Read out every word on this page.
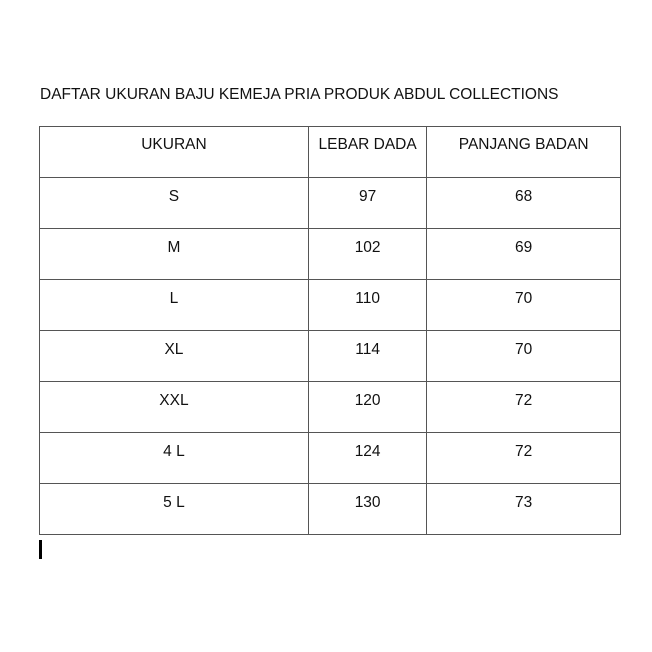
DAFTAR UKURAN BAJU KEMEJA PRIA PRODUK ABDUL COLLECTIONS
UKURAN	LEBAR DADA	PANJANG BADAN
S	97	68
M	102	69
L	110	70
XL	114	70
XXL	120	72
4 L	124	72
5 L	130	73
